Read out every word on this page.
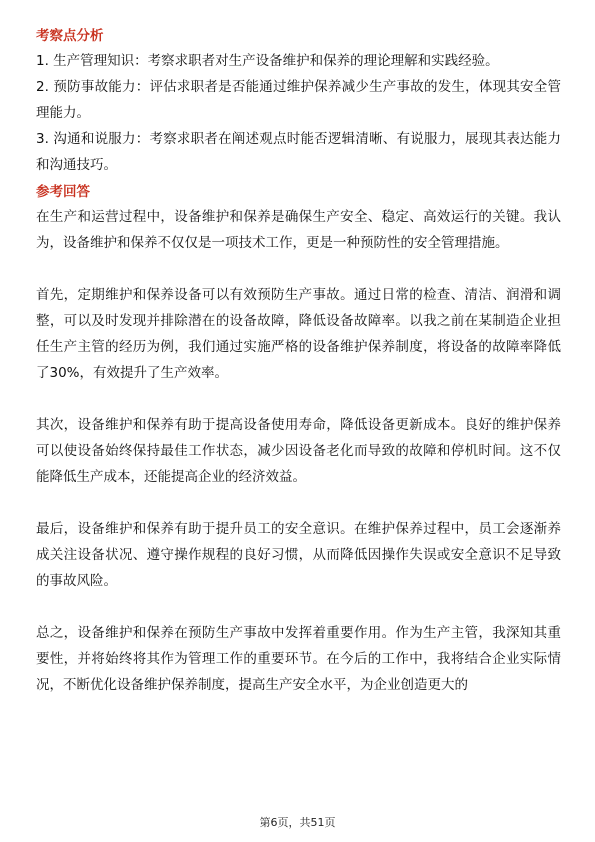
考察点分析

1. 生产管理知识：考察求职者对生产设备维护和保养的理论理解和实践经验。

2. 预防事故能力：评估求职者是否能通过维护保养减少生产事故的发生，体现其安全管理能力。

3. 沟通和说服力：考察求职者在阐述观点时能否逻辑清晰、有说服力，展现其表达能力和沟通技巧。

参考回答

在生产和运营过程中，设备维护和保养是确保生产安全、稳定、高效运行的关键。我认为，设备维护和保养不仅仅是一项技术工作，更是一种预防性的安全管理措施。

首先，定期维护和保养设备可以有效预防生产事故。通过日常的检查、清洁、润滑和调整，可以及时发现并排除潜在的设备故障，降低设备故障率。以我之前在某制造企业担任生产主管的经历为例，我们通过实施严格的设备维护保养制度，将设备的故障率降低了30%，有效提升了生产效率。

其次，设备维护和保养有助于提高设备使用寿命，降低设备更新成本。良好的维护保养可以使设备始终保持最佳工作状态，减少因设备老化而导致的故障和停机时间。这不仅能降低生产成本，还能提高企业的经济效益。

最后，设备维护和保养有助于提升员工的安全意识。在维护保养过程中，员工会逐渐养成关注设备状况、遵守操作规程的良好习惯，从而降低因操作失误或安全意识不足导致的事故风险。

总之，设备维护和保养在预防生产事故中发挥着重要作用。作为生产主管，我深知其重要性，并将始终将其作为管理工作的重要环节。在今后的工作中，我将结合企业实际情况，不断优化设备维护保养制度，提高生产安全水平，为企业创造更大的

第6页，共51页
